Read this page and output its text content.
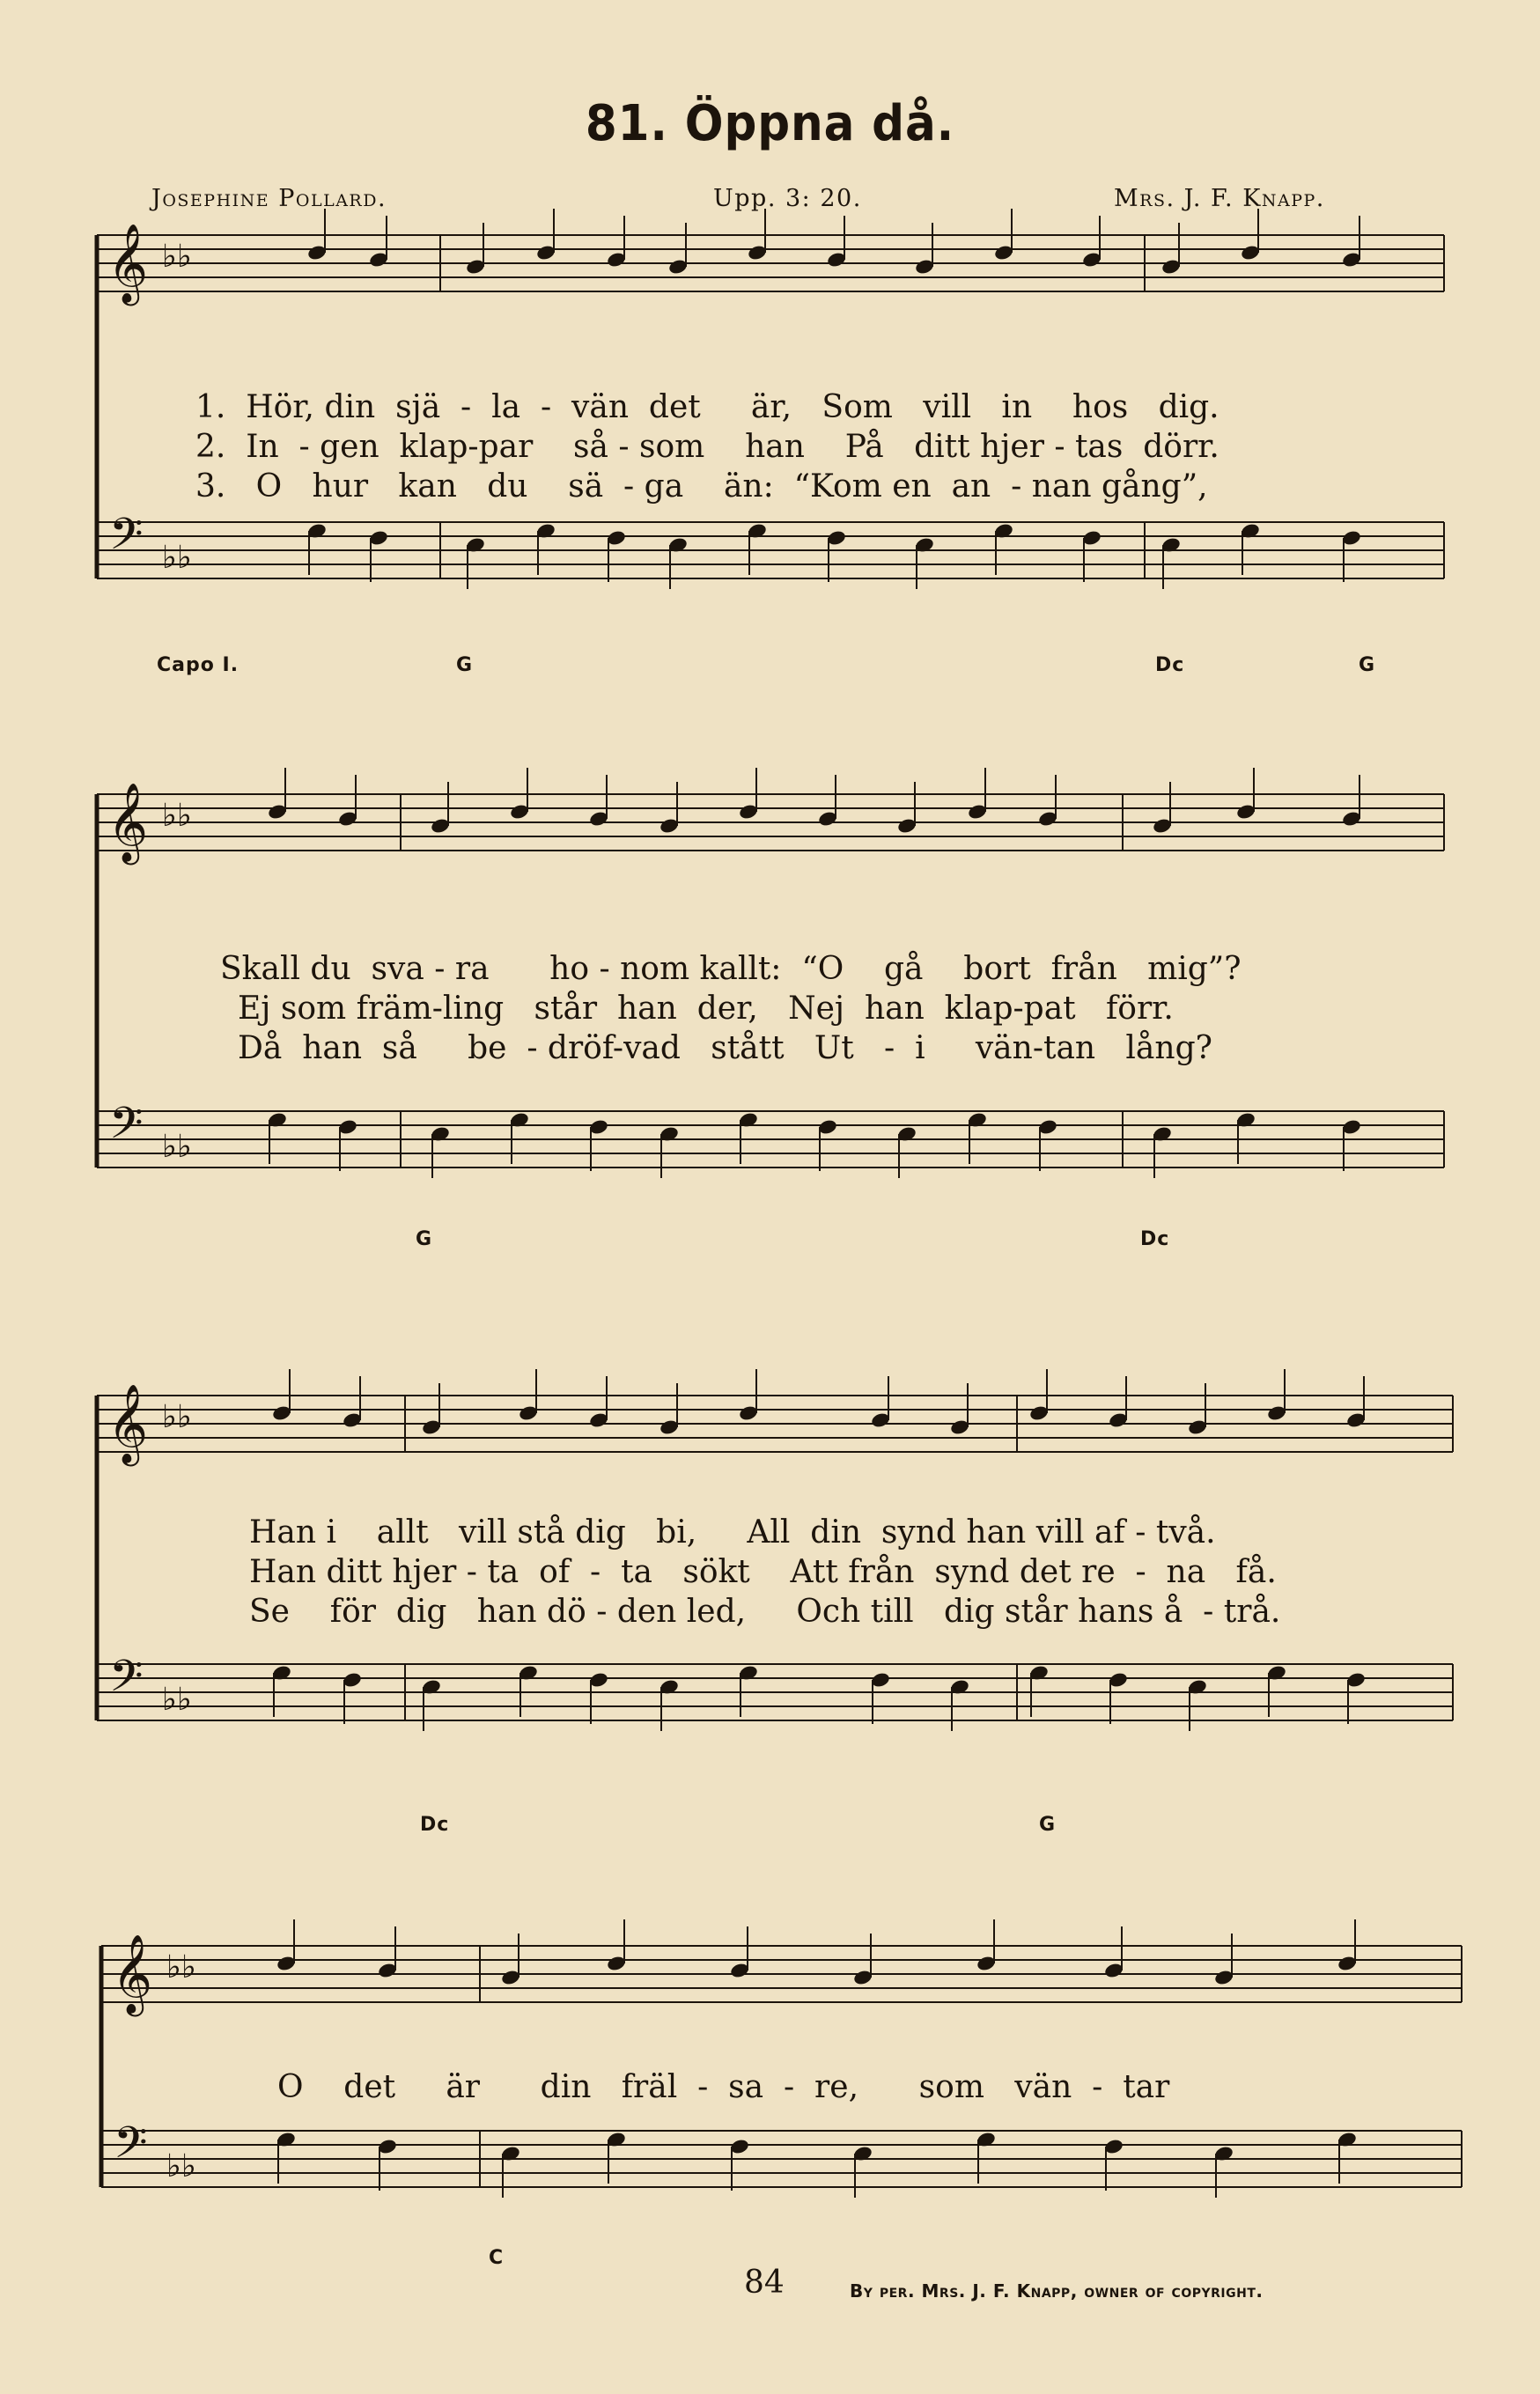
81. Öppna då.
Josephine Pollard.	Upp. 3: 20.	Mrs. J. F. Knapp.
𝄞
𝄢
♭♭
♭♭
1.  Hör, din  sjä  -  la  -  vän  det     är,   Som   vill   in    hos   dig.
2.  In  - gen  klap-par    så - som    han    På   ditt hjer - tas  dörr.
3.   O   hur   kan   du    sä  - ga    än:  “Kom en  an  - nan gång”,
Capo I.	G	Dc	G
𝄞
𝄢
♭♭
♭♭
Skall du  sva - ra      ho - nom kallt:  “O    gå    bort  från   mig”?
Ej som främ-ling   står  han  der,   Nej  han  klap-pat   förr.
Då  han  så     be  - dröf-vad   stått   Ut   -  i     vän-tan   lång?
G	Dc
𝄞
𝄢
♭♭
♭♭
Han i    allt   vill stå dig   bi,     All  din  synd han vill af - två.
Han ditt hjer - ta  of  -  ta   sökt    Att från  synd det re  -  na   få.
Se    för  dig   han dö - den led,     Och till   dig står hans å  - trå.
Dc	G
𝄞
𝄢
♭♭
♭♭
O    det     är      din   fräl  -  sa  -  re,      som   vän  -  tar
C
84	By per. Mrs. J. F. Knapp, owner of copyright.
